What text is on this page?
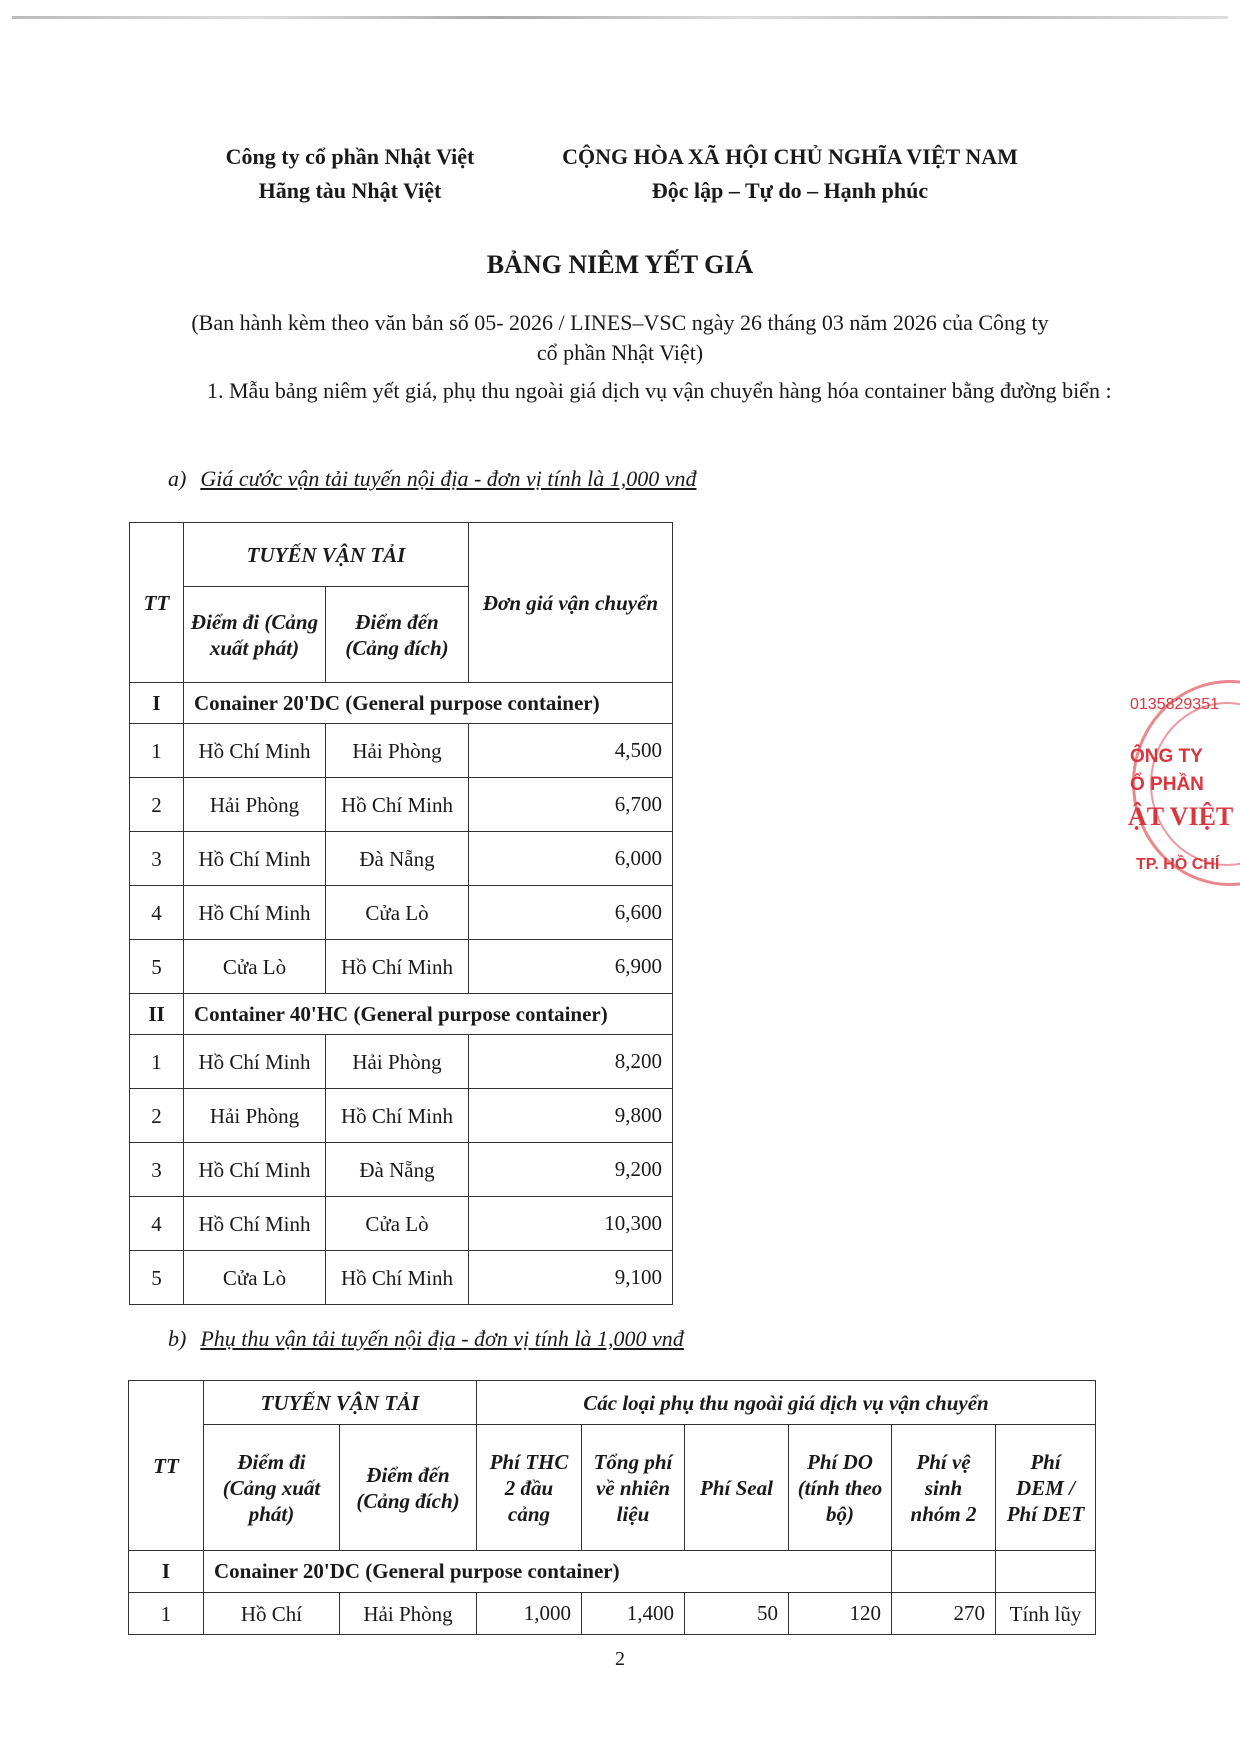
Công ty cổ phần Nhật Việt
Hãng tàu Nhật Việt
CỘNG HÒA XÃ HỘI CHỦ NGHĨA VIỆT NAM
Độc lập – Tự do – Hạnh phúc
BẢNG NIÊM YẾT GIÁ
(Ban hành kèm theo văn bản số 05- 2026 / LINES–VSC ngày 26 tháng 03 năm 2026 của Công ty
cổ phần Nhật Việt)
1. Mẫu bảng niêm yết giá, phụ thu ngoài giá dịch vụ vận chuyển hàng hóa container bằng đường biển :
a) Giá cước vận tải tuyến nội địa - đơn vị tính là 1,000 vnđ
TT	TUYẾN VẬN TẢI		Đơn giá vận chuyển
	Điểm đi (Cảng xuất phát)	Điểm đến (Cảng đích)	
I	Conainer 20'DC (General purpose container)		
1	Hồ Chí Minh	Hải Phòng	4,500
2	Hải Phòng	Hồ Chí Minh	6,700
3	Hồ Chí Minh	Đà Nẵng	6,000
4	Hồ Chí Minh	Cửa Lò	6,600
5	Cửa Lò	Hồ Chí Minh	6,900
II	Container 40'HC (General purpose container)		
1	Hồ Chí Minh	Hải Phòng	8,200
2	Hải Phòng	Hồ Chí Minh	9,800
3	Hồ Chí Minh	Đà Nẵng	9,200
4	Hồ Chí Minh	Cửa Lò	10,300
5	Cửa Lò	Hồ Chí Minh	9,100
b) Phụ thu vận tải tuyến nội địa - đơn vị tính là 1,000 vnđ
TT	TUYẾN VẬN TẢI		Các loại phụ thu ngoài giá dịch vụ vận chuyển					
	Điểm đi (Cảng xuất phát)	Điểm đến (Cảng đích)	Phí THC 2 đầu cảng	Tổng phí về nhiên liệu	Phí Seal	Phí DO (tính theo bộ)	Phí vệ sinh nhóm 2	Phí DEM / Phí DET
I	Conainer 20'DC (General purpose container)							
1	Hồ Chí	Hải Phòng	1,000	1,400	50	120	270	Tính lũy
2
0135829351
ÔNG TY
Ổ PHẦN
ẬT VIỆT
TP. HỒ CHÍ
